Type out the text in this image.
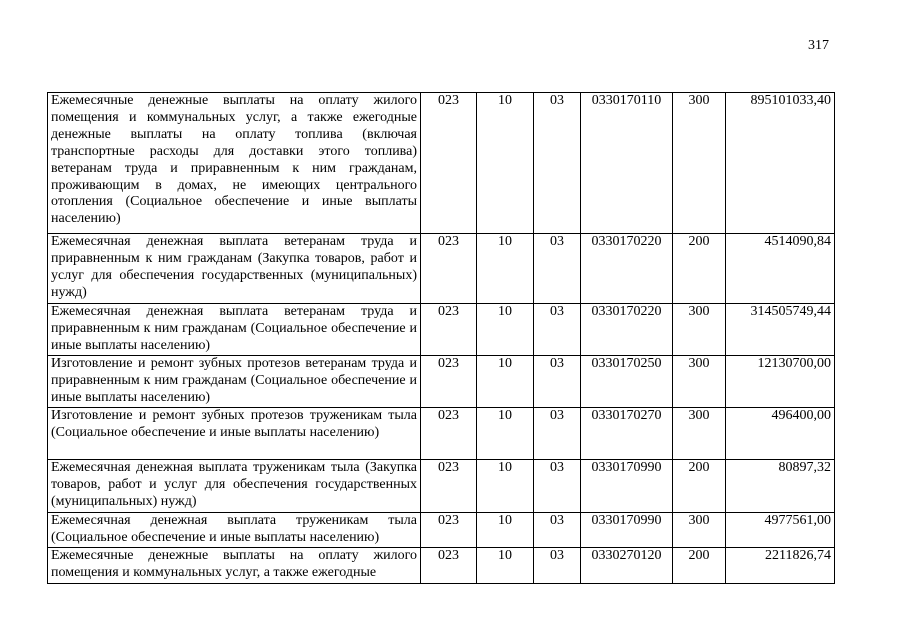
317
Ежемесячные денежные выплаты на оплату жилого помещения и коммунальных услуг, а также ежегодные денежные выплаты на оплату топлива (включая транспортные расходы для доставки этого топлива) ветеранам труда и приравненным к ним гражданам, проживающим в домах, не имеющих центрального отопления (Социальное обеспечение и иные выплаты населению)	023	10	03	0330170110	300	895101033,40
Ежемесячная денежная выплата ветеранам труда и приравненным к ним гражданам (Закупка товаров, работ и услуг для обеспечения государственных (муниципальных) нужд)	023	10	03	0330170220	200	4514090,84
Ежемесячная денежная выплата ветеранам труда и приравненным к ним гражданам (Социальное обеспечение и иные выплаты населению)	023	10	03	0330170220	300	314505749,44
Изготовление и ремонт зубных протезов ветеранам труда и приравненным к ним гражданам (Социальное обеспечение и иные выплаты населению)	023	10	03	0330170250	300	12130700,00
Изготовление и ремонт зубных протезов труженикам тыла (Социальное обеспечение и иные выплаты населению)	023	10	03	0330170270	300	496400,00
Ежемесячная денежная выплата труженикам тыла (Закупка товаров, работ и услуг для обеспечения государственных (муниципальных) нужд)	023	10	03	0330170990	200	80897,32
Ежемесячная денежная выплата труженикам тыла (Социальное обеспечение и иные выплаты населению)	023	10	03	0330170990	300	4977561,00
Ежемесячные денежные выплаты на оплату жилого помещения и коммунальных услуг, а также ежегодные	023	10	03	0330270120	200	2211826,74
